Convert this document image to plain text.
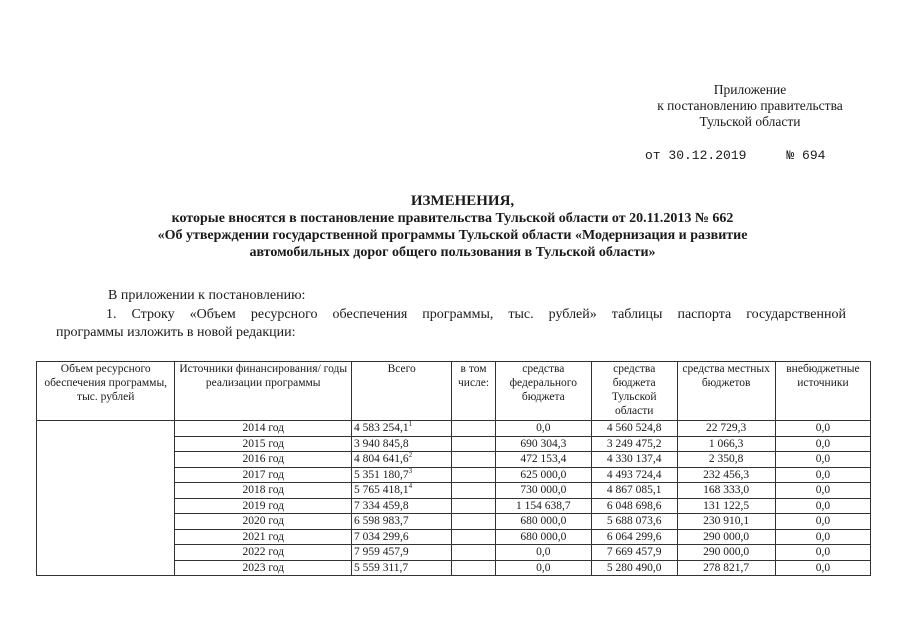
Приложение
к постановлению правительства
Тульской области
от 30.12.2019	№ 694
ИЗМЕНЕНИЯ,
которые вносятся в постановление правительства Тульской области от 20.11.2013 № 662
«Об утверждении государственной программы Тульской области «Модернизация и развитие
автомобильных дорог общего пользования в Тульской области»
В приложении к постановлению:
1. Строку «Объем ресурсного обеспечения программы, тыс. рублей» таблицы паспорта государственной
программы изложить в новой редакции:
Объем ресурсного обеспечения программы, тыс. рублей	Источники финансирования/ годы реализации программы	Всего	в том числе:	средства федерального бюджета	средства бюджета Тульской области	средства местных бюджетов	внебюджетные источники
	2014 год	4 583 254,1$^1$		0,0	4 560 524,8	22 729,3	0,0
	2015 год	3 940 845,8		690 304,3	3 249 475,2	1 066,3	0,0
	2016 год	4 804 641,6$^2$		472 153,4	4 330 137,4	2 350,8	0,0
	2017 год	5 351 180,7$^3$		625 000,0	4 493 724,4	232 456,3	0,0
	2018 год	5 765 418,1$^4$		730 000,0	4 867 085,1	168 333,0	0,0
	2019 год	7 334 459,8		1 154 638,7	6 048 698,6	131 122,5	0,0
	2020 год	6 598 983,7		680 000,0	5 688 073,6	230 910,1	0,0
	2021 год	7 034 299,6		680 000,0	6 064 299,6	290 000,0	0,0
	2022 год	7 959 457,9		0,0	7 669 457,9	290 000,0	0,0
	2023 год	5 559 311,7		0,0	5 280 490,0	278 821,7	0,0
